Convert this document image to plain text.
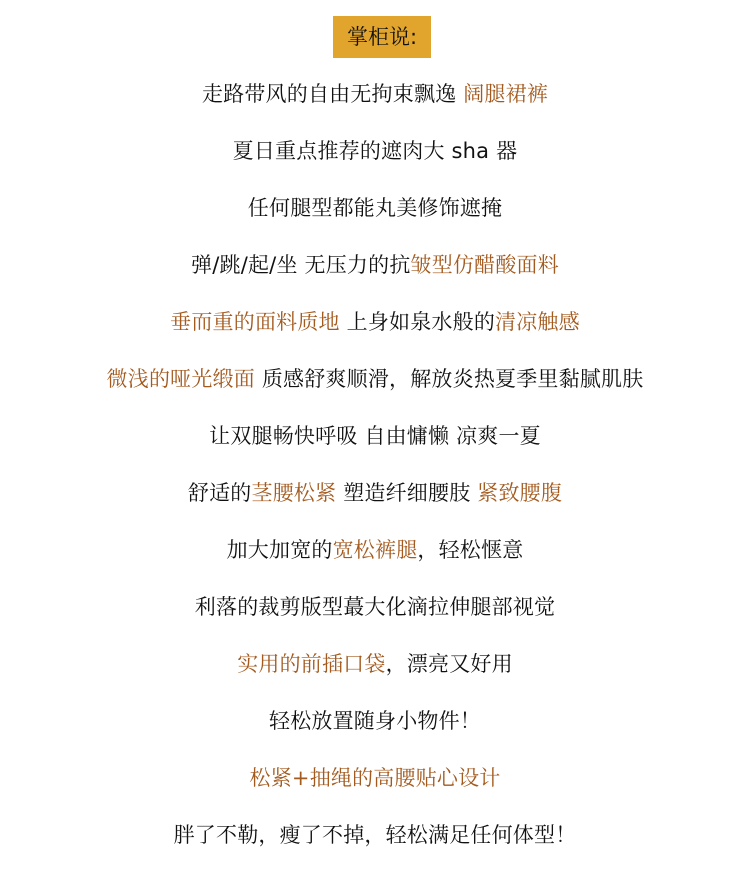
掌柜说:
走路带风的自由无拘束飘逸 阔腿裙裤
夏日重点推荐的遮肉大 sha 器
任何腿型都能丸美修饰遮掩
弹/跳/起/坐 无压力的抗皱型仿醋酸面料
垂而重的面料质地 上身如泉水般的清凉触感
微浅的哑光缎面 质感舒爽顺滑，解放炎热夏季里黏腻肌肤
让双腿畅快呼吸 自由慵懒 凉爽一夏
舒适的茎腰松紧 塑造纤细腰肢 紧致腰腹
加大加宽的宽松裤腿，轻松惬意
利落的裁剪版型蕞大化滴拉伸腿部视觉
实用的前插口袋，漂亮又好用
轻松放置随身小物件！
松紧+抽绳的高腰贴心设计
胖了不勒，瘦了不掉，轻松满足任何体型！
